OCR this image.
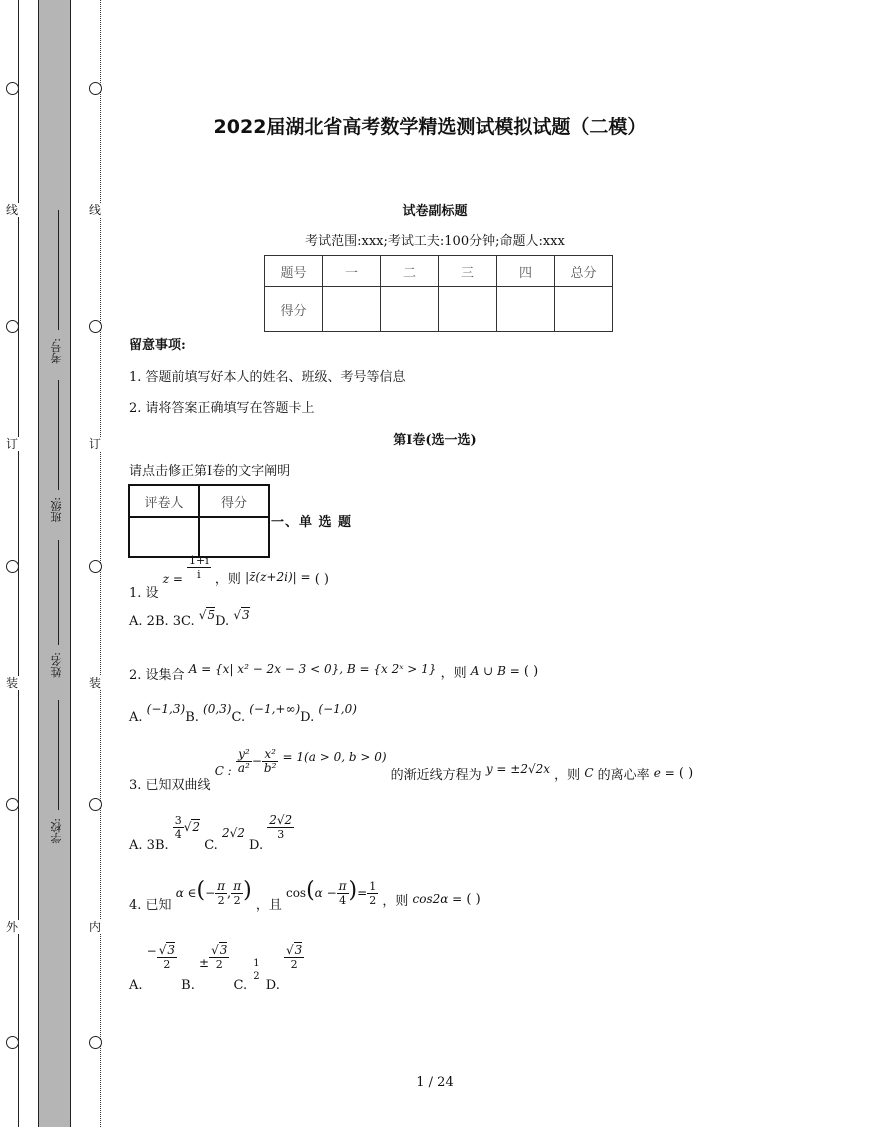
线
订
装
外
线
订
装
内
考号:
班级:
姓名:
学校:
2022届湖北省高考数学精选测试模拟试题（二模）
试卷副标题
考试范围:xxx;考试工夫:100分钟;命题人:xxx
题号	一	二	三	四	总分
得分					
留意事项:
1. 答题前填写好本人的姓名、班级、考号等信息
2. 请将答案正确填写在答题卡上
第I卷(选一选)
请点击修正第I卷的文字阐明
评卷人	得分

一、单 选 题
1. 设 $z = \frac{1+i}{i}$ ，则 |z̄(z+2i)| = ( )
A. 2B. 3C. √5D. √3
2. 设集合 A = {x| x² − 2x − 3 < 0}, B = {x 2ˣ > 1} ，则 A ∪ B = ( )
A. (−1,3)B. (0,3)C. (−1,+∞)D. (−1,0)
3. 已知双曲线 C : $\frac{\text{y²}}{\text{a²}} - \frac{\text{x²}}{\text{b²}} = 1(a > 0$, b > 0) 的渐近线方程为 y = ±2√2x ，则 C 的离心率 e = ( )
A. 3B.
$\frac{3}{4} √2$ C. 2√2 D.
$\frac{2√2}{3}$
4. 已知 α ∈(− $\frac{\pi}{2}$ , $\frac{\pi}{2}$ ) ，且 $\cos(\alpha - \frac{\pi}{4}$ )= $\frac{1}{2}$ ，则 cos2α = ( )
A. − $\frac{√3}{2}$
B. ± $\frac{√3}{2}$
C.
1
2
D.
$\frac{√3}{2}$
1 / 24
